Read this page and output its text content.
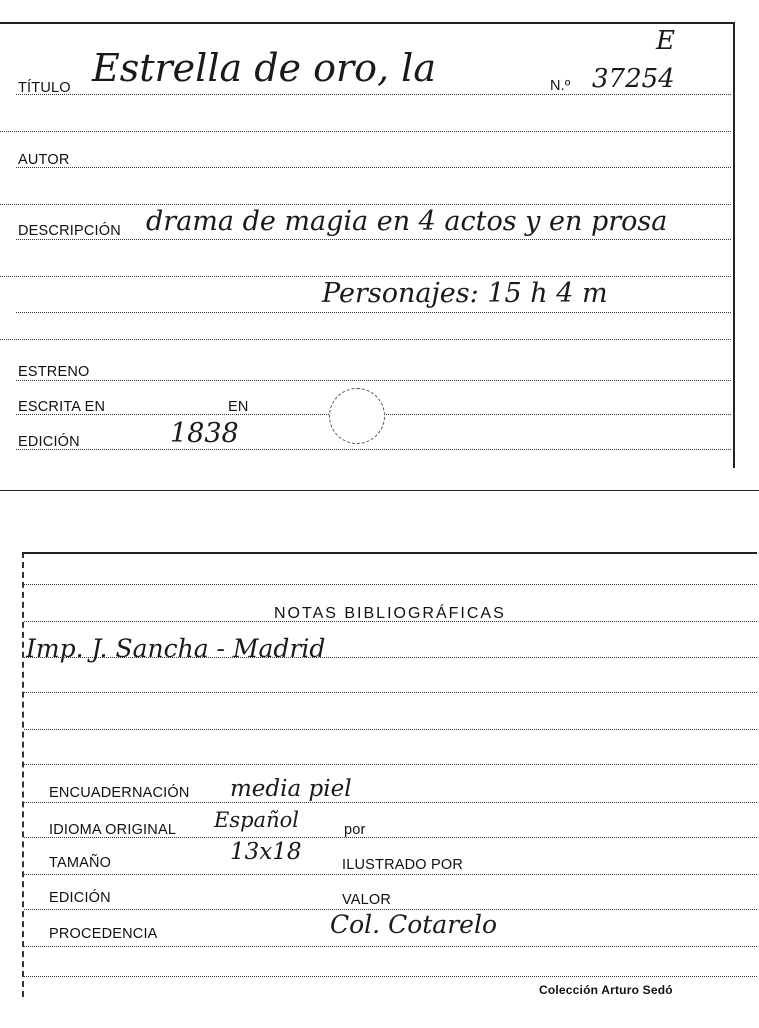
E
TÍTULO Estrella de oro, la	N.º 37254
AUTOR
DESCRIPCIÓN drama de magia en 4 actos y en prosa
Personajes: 15 h 4 m
ESTRENO
ESCRITA EN	EN
EDICIÓN	1838
NOTAS BIBLIOGRÁFICAS
Imp. J. Sancha - Madrid
ENCUADERNACIÓN media piel
IDIOMA ORIGINAL Español	por
TAMAÑO	13x18	ILUSTRADO POR
EDICIÓN	VALOR
PROCEDENCIA	Col. Cotarelo
Colección Arturo Sedó
